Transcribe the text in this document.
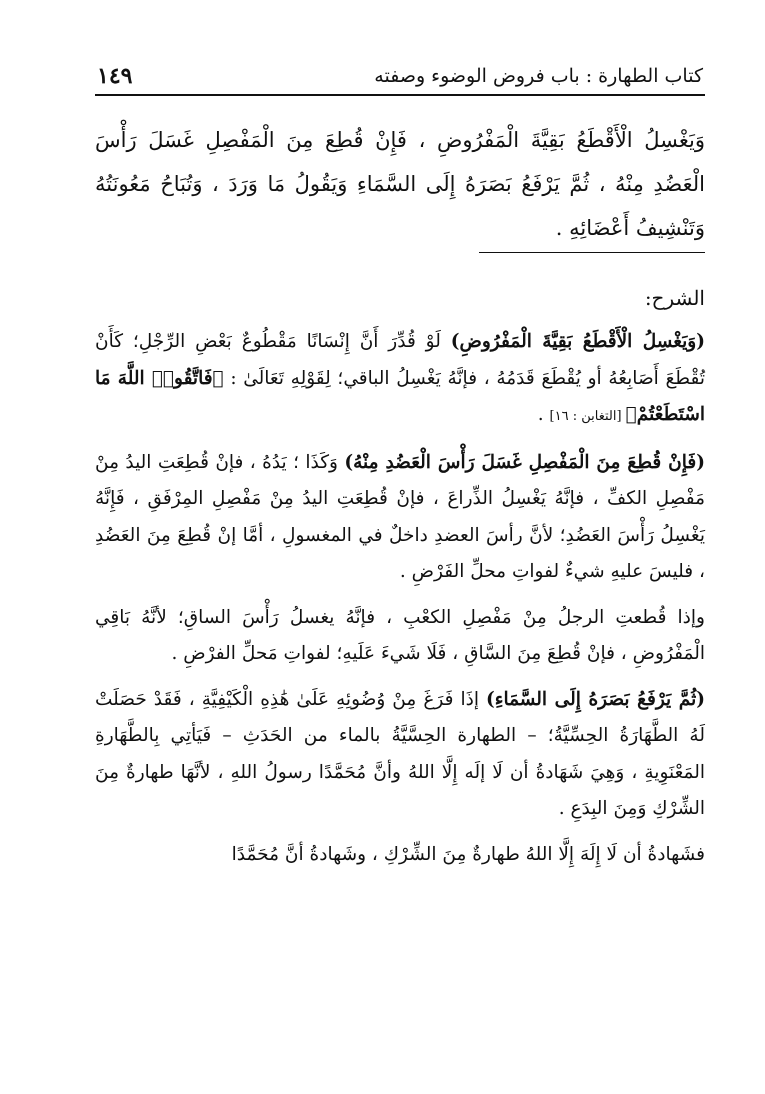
كتاب الطهارة : باب فروض الوضوء وصفته
١٤٩
وَيَغْسِلُ الْأَقْطَعُ بَقِيَّةَ الْمَفْرُوضِ ، فَإِنْ قُطِعَ مِنَ الْمَفْصِلِ غَسَلَ رَأْسَ الْعَضُدِ مِنْهُ ، ثُمَّ يَرْفَعُ بَصَرَهُ إِلَى السَّمَاءِ وَيَقُولُ مَا وَرَدَ ، وَتُبَاحُ مَعُونَتُهُ وَتَنْشِيفُ أَعْضَائِهِ .
الشرح:
(وَيَغْسِلُ الْأَقْطَعُ بَقِيَّةَ الْمَفْرُوضِ) لَوْ قُدِّرَ أَنَّ إِنْسَانًا مَقْطُوعٌ بَعْضِ الرِّجْلِ؛ كَأَنْ تُقْطَعَ أَصَابِعُهُ أو يُقْطَعَ قَدَمُهُ ، فإنَّهُ يَغْسِلُ الباقي؛ لِقَوْلِهِ تَعَالَىٰ : ﴿فَاتَّقُوا۟ اللَّهَ مَا اسْتَطَعْتُمْ﴾ [التغابن : ١٦] .
(فَإِنْ قُطِعَ مِنَ الْمَفْصِلِ غَسَلَ رَأْسَ الْعَضُدِ مِنْهُ) وَكَذَا ؛ يَدُهُ ، فإنْ قُطِعَتِ اليدُ مِنْ مَفْصِلِ الكفِّ ، فإنَّهُ يَغْسِلُ الذِّراعَ ، فإنْ قُطِعَتِ اليدُ مِنْ مَفْصِلِ المِرْفَقِ ، فَإِنَّهُ يَغْسِلُ رَأْسَ العَضُدِ؛ لأنَّ رأسَ العضدِ داخلٌ في المغسولِ ، أمَّا إنْ قُطِعَ مِنَ العَضُدِ ، فليسَ عليهِ شيءٌ لفواتِ محلِّ الفَرْضِ .
وإذا قُطعتِ الرجلُ مِنْ مَفْصِلِ الكعْبِ ، فإنَّهُ يغسلُ رَأْسَ الساقِ؛ لأنَّهُ بَاقِي الْمَفْرُوضِ ، فإنْ قُطِعَ مِنَ السَّاقِ ، فَلَا شَيءَ عَلَيهِ؛ لفواتِ مَحلِّ الفرْضِ .
(ثُمَّ يَرْفَعُ بَصَرَهُ إِلَى السَّمَاءِ) إذَا فَرَغَ مِنْ وُضُوئِهِ عَلَىٰ هَٰذِهِ الْكَيْفِيَّةِ ، فَقَدْ حَصَلَتْ لَهُ الطَّهَارَةُ الحِسِّيَّةُ؛ – الطهارة الحِسَّيَّةُ بالماء من الحَدَثِ – فَيَأتِي بِالطَّهَارةِ المَعْنَوِيةِ ، وَهِيَ شَهَادةُ أن لَا إلَه إِلَّا اللهُ وأنَّ مُحَمَّدًا رسولُ اللهِ ، لأنَّهَا طهارةٌ مِنَ الشِّرْكِ وَمِنَ البِدَعِ .
فشَهادةُ أن لَا إِلَهَ إِلَّا اللهُ طهارةٌ مِنَ الشِّرْكِ ، وشَهادةُ أنَّ مُحَمَّدًا
